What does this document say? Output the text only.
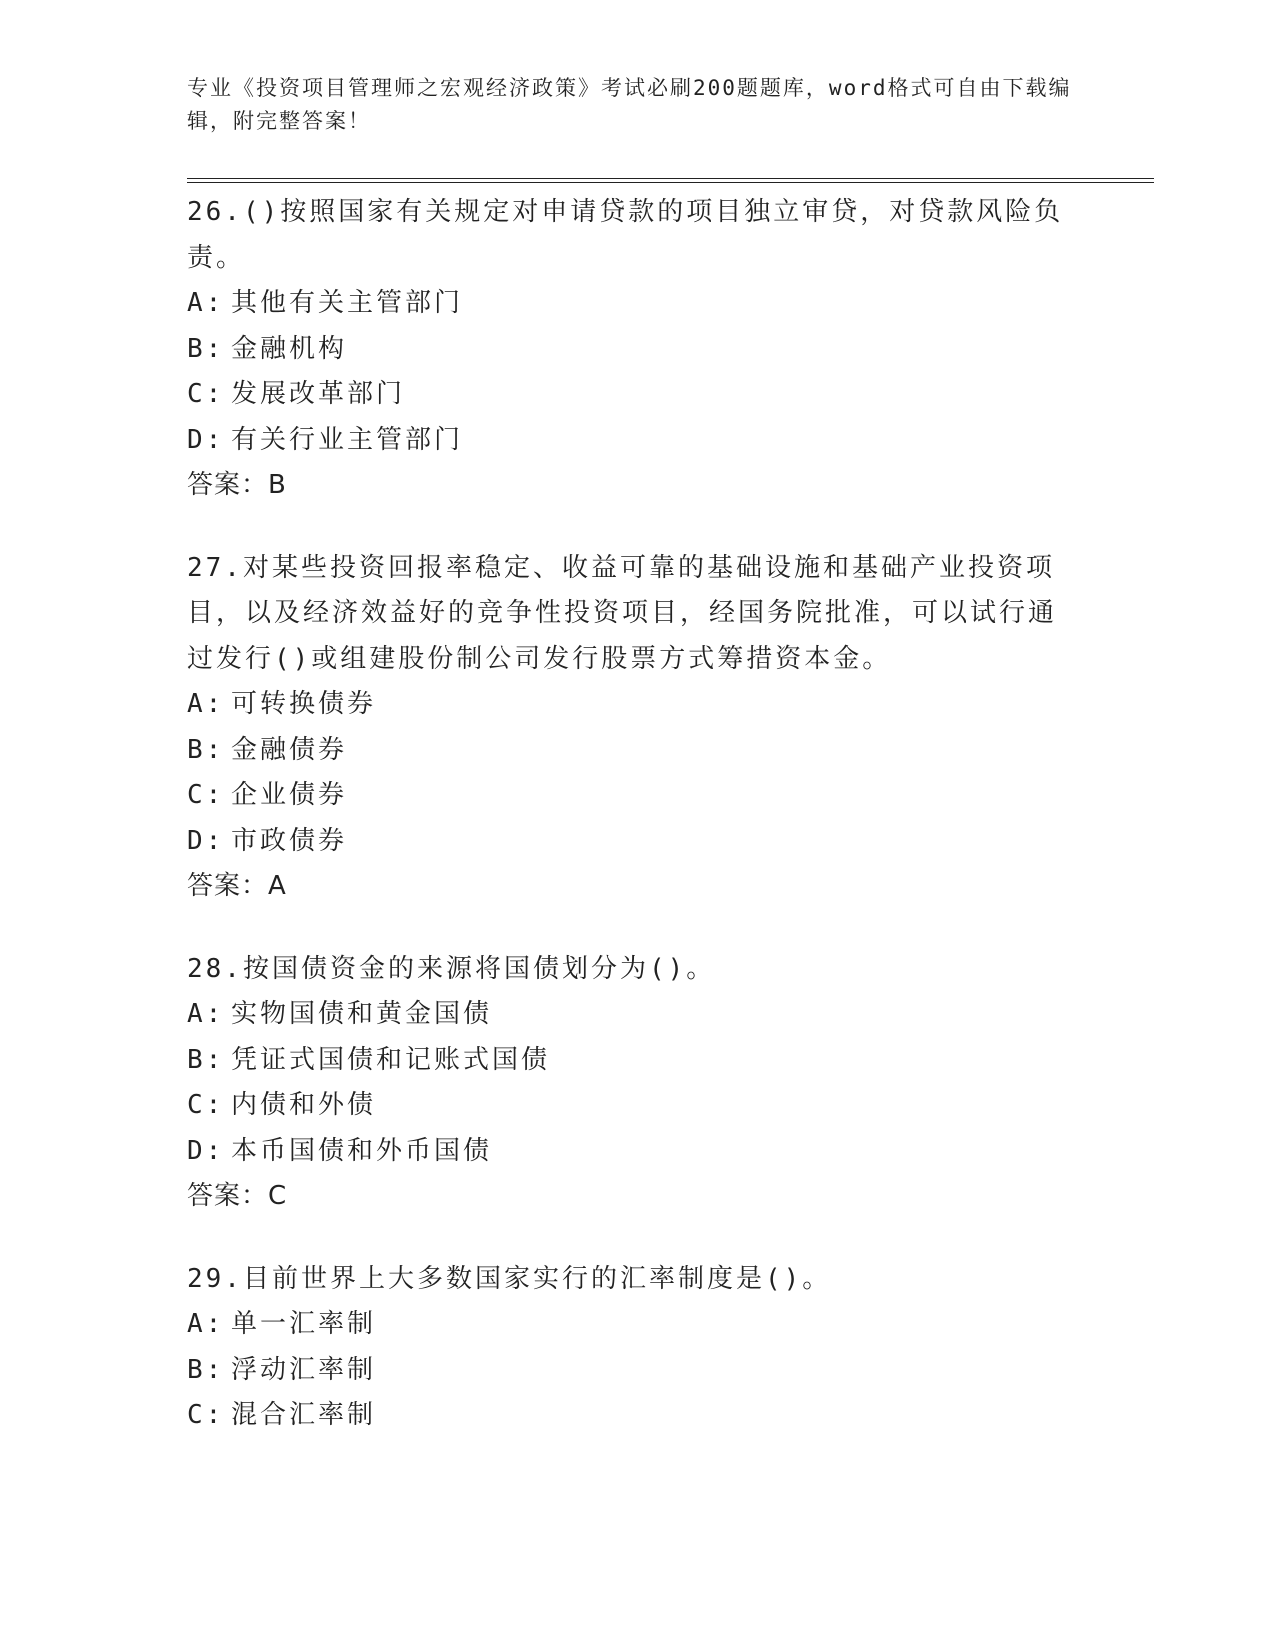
专业《投资项目管理师之宏观经济政策》考试必刷200题题库，word格式可自由下载编辑，附完整答案！

26.()按照国家有关规定对申请贷款的项目独立审贷，对贷款风险负责。

A: 其他有关主管部门

B: 金融机构

C: 发展改革部门

D: 有关行业主管部门

答案：B

27.对某些投资回报率稳定、收益可靠的基础设施和基础产业投资项目，以及经济效益好的竞争性投资项目，经国务院批准，可以试行通过发行()或组建股份制公司发行股票方式筹措资本金。

A: 可转换债券

B: 金融债券

C: 企业债券

D: 市政债券

答案：A

28.按国债资金的来源将国债划分为()。

A: 实物国债和黄金国债

B: 凭证式国债和记账式国债

C: 内债和外债

D: 本币国债和外币国债

答案：C

29.目前世界上大多数国家实行的汇率制度是()。

A: 单一汇率制

B: 浮动汇率制

C: 混合汇率制
